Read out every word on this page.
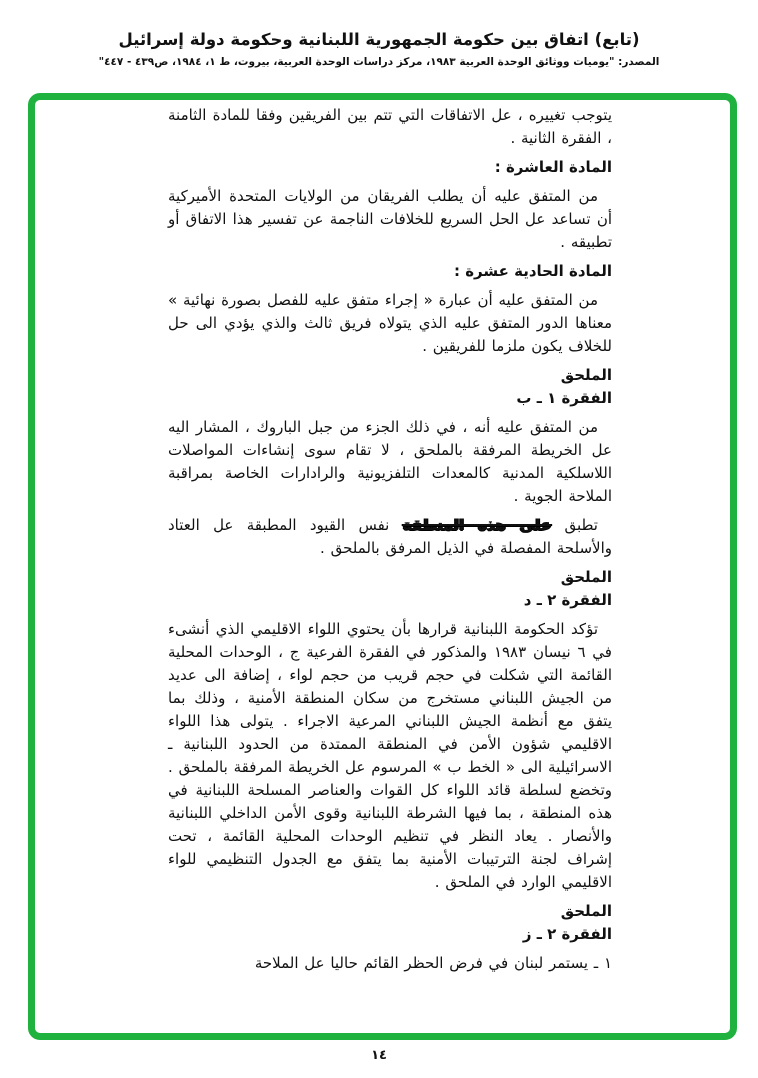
(تابع) اتفاق بين حكومة الجمهورية اللبنانية وحكومة دولة إسرائيل
المصدر: "يوميات ووثائق الوحدة العربية ١٩٨٣، مركز دراسات الوحدة العربية، بيروت، ط ١، ١٩٨٤، ص٤٣٩ - ٤٤٧"

يتوجب تغييره ، عل الاتفاقات التي تتم بين الفريقين وفقا للمادة الثامنة ، الفقرة الثانية .

المادة العاشرة :

من المتفق عليه أن يطلب الفريقان من الولايات المتحدة الأميركية أن تساعد عل الحل السريع للخلافات الناجمة عن تفسير هذا الاتفاق أو تطبيقه .

المادة الحادية عشرة :

من المتفق عليه أن عبارة « إجراء متفق عليه للفصل بصورة نهائية » معناها الدور المتفق عليه الذي يتولاه فريق ثالث والذي يؤدي الى حل للخلاف يكون ملزما للفريقين .

الملحق
الفقرة ١ ـ ب

من المتفق عليه أنه ، في ذلك الجزء من جبل الباروك ، المشار اليه عل الخريطة المرفقة بالملحق ، لا تقام سوى إنشاءات المواصلات اللاسلكية المدنية كالمعدات التلفزيونية والرادارات الخاصة بمراقبة الملاحة الجوية .

تطبق على هذه المنطقة نفس القيود المطبقة عل العتاد والأسلحة المفصلة في الذيل المرفق بالملحق .

الملحق
الفقرة ٢ ـ د

تؤكد الحكومة اللبنانية قرارها بأن يحتوي اللواء الاقليمي الذي أنشىء في ٦ نيسان ١٩٨٣ والمذكور في الفقرة الفرعية ج ، الوحدات المحلية القائمة التي شكلت في حجم قريب من حجم لواء ، إضافة الى عديد من الجيش اللبناني مستخرج من سكان المنطقة الأمنية ، وذلك بما يتفق مع أنظمة الجيش اللبناني المرعية الاجراء . يتولى هذا اللواء الاقليمي شؤون الأمن في المنطقة الممتدة من الحدود اللبنانية ـ الاسرائيلية الى « الخط ب » المرسوم عل الخريطة المرفقة بالملحق . وتخضع لسلطة قائد اللواء كل القوات والعناصر المسلحة اللبنانية في هذه المنطقة ، بما فيها الشرطة اللبنانية وقوى الأمن الداخلي اللبنانية والأنصار . يعاد النظر في تنظيم الوحدات المحلية القائمة ، تحت إشراف لجنة الترتيبات الأمنية بما يتفق مع الجدول التنظيمي للواء الاقليمي الوارد في الملحق .

الملحق
الفقرة ٢ ـ ز

١ ـ يستمر لبنان في فرض الحظر القائم حاليا عل الملاحة

١٤
